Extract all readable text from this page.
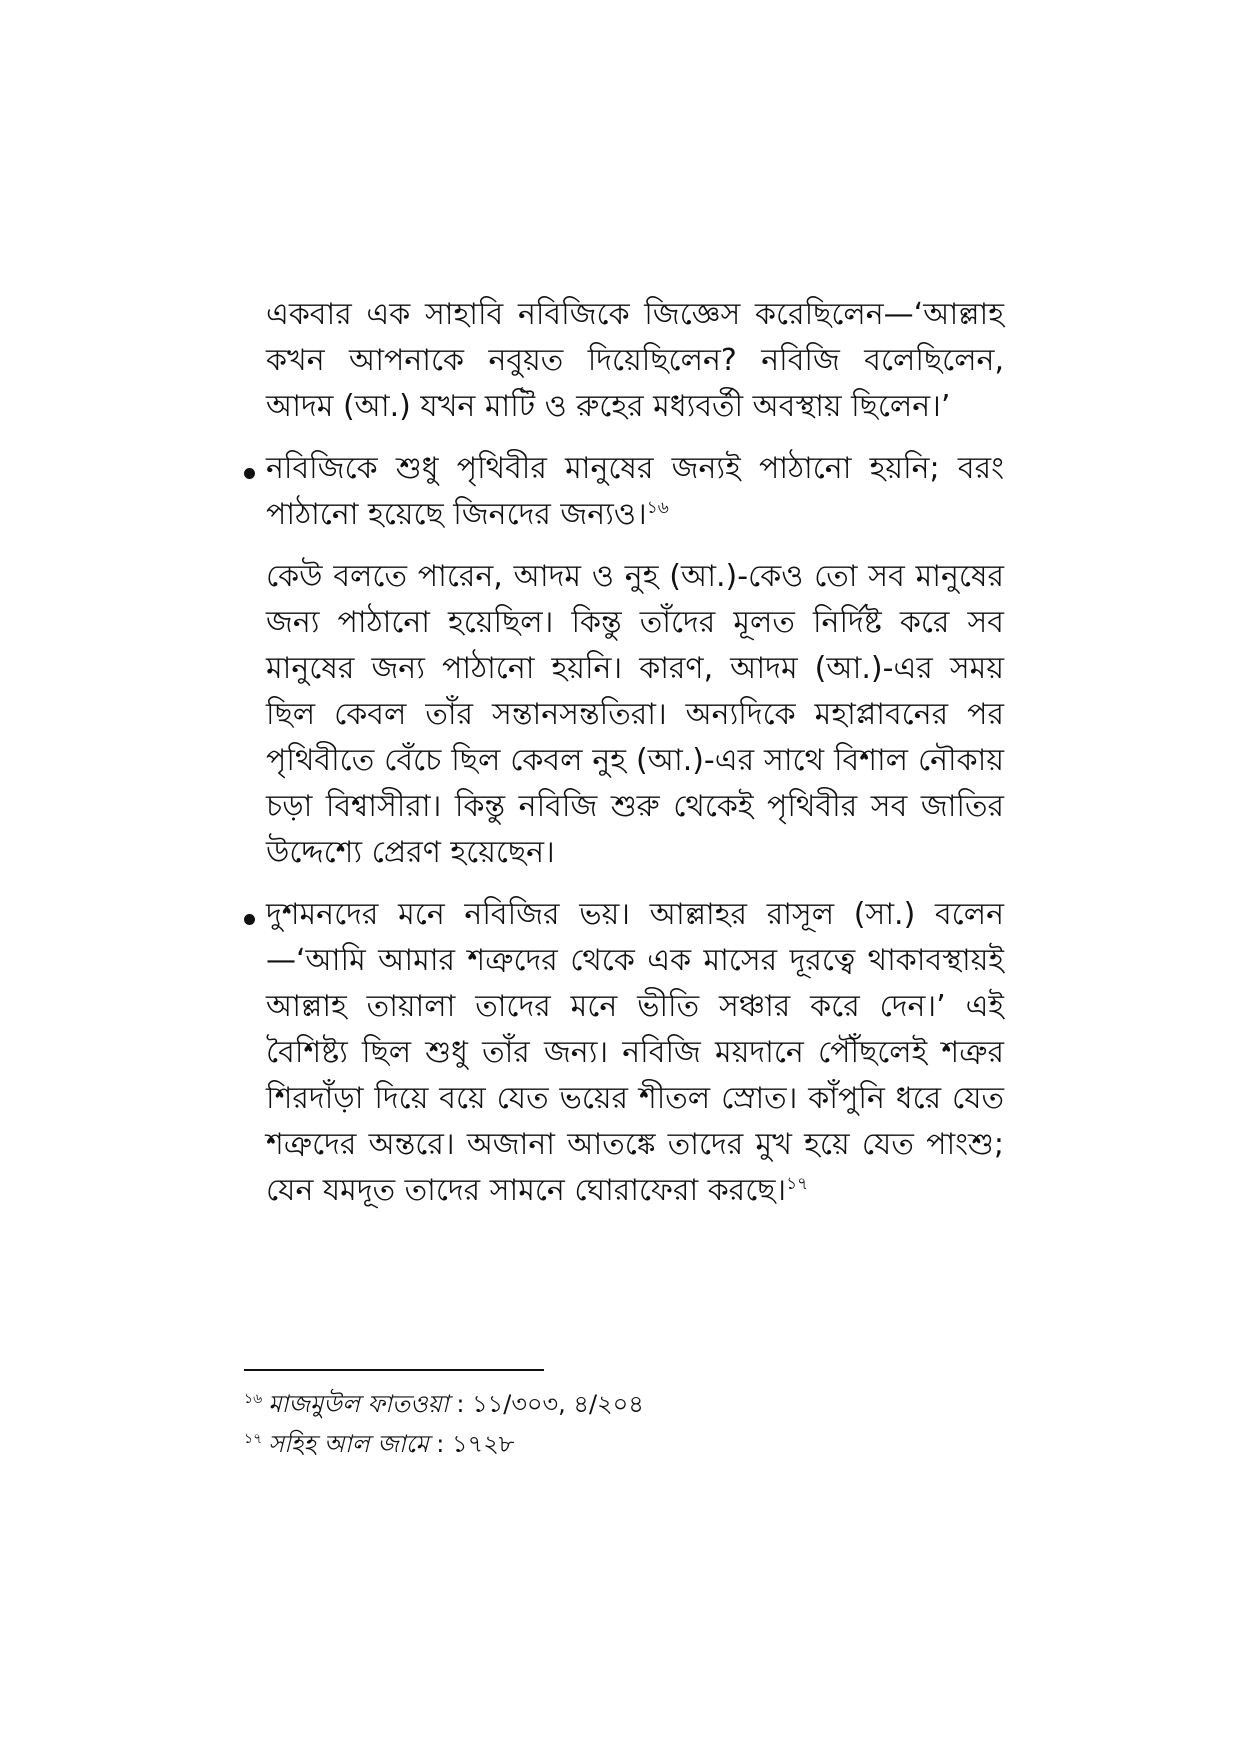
একবার এক সাহাবি নবিজিকে জিজ্ঞেস করেছিলেন—‘আল্লাহ কখন আপনাকে নবুয়ত দিয়েছিলেন? নবিজি বলেছিলেন, আদম (আ.) যখন মাটি ও রুহের মধ্যবর্তী অবস্থায় ছিলেন।’

নবিজিকে শুধু পৃথিবীর মানুষের জন্যই পাঠানো হয়নি; বরং পাঠানো হয়েছে জিনদের জন্যও।$^{১৬}$

কেউ বলতে পারেন, আদম ও নুহ (আ.)-কেও তো সব মানুষের জন্য পাঠানো হয়েছিল। কিন্তু তাঁদের মূলত নির্দিষ্ট করে সব মানুষের জন্য পাঠানো হয়নি। কারণ, আদম (আ.)-এর সময় ছিল কেবল তাঁর সন্তানসন্ততিরা। অন্যদিকে মহাপ্লাবনের পর পৃথিবীতে বেঁচে ছিল কেবল নুহ (আ.)-এর সাথে বিশাল নৌকায় চড়া বিশ্বাসীরা। কিন্তু নবিজি শুরু থেকেই পৃথিবীর সব জাতির উদ্দেশ্যে প্রেরণ হয়েছেন।

দুশমনদের মনে নবিজির ভয়। আল্লাহর রাসূল (সা.) বলেন—‘আমি আমার শত্রুদের থেকে এক মাসের দূরত্বে থাকাবস্থায়ই আল্লাহ তায়ালা তাদের মনে ভীতি সঞ্চার করে দেন।’ এই বৈশিষ্ট্য ছিল শুধু তাঁর জন্য। নবিজি ময়দানে পৌঁছলেই শত্রুর শিরদাঁড়া দিয়ে বয়ে যেত ভয়ের শীতল স্রোত। কাঁপুনি ধরে যেত শত্রুদের অন্তরে। অজানা আতঙ্কে তাদের মুখ হয়ে যেত পাংশু; যেন যমদূত তাদের সামনে ঘোরাফেরা করছে।$^{১৭}$

$^{১৬}$ মাজমুউল ফাতওয়া : ১১/৩০৩, ৪/২০৪

$^{১৭}$ সহিহ আল জামে : ১৭২৮
